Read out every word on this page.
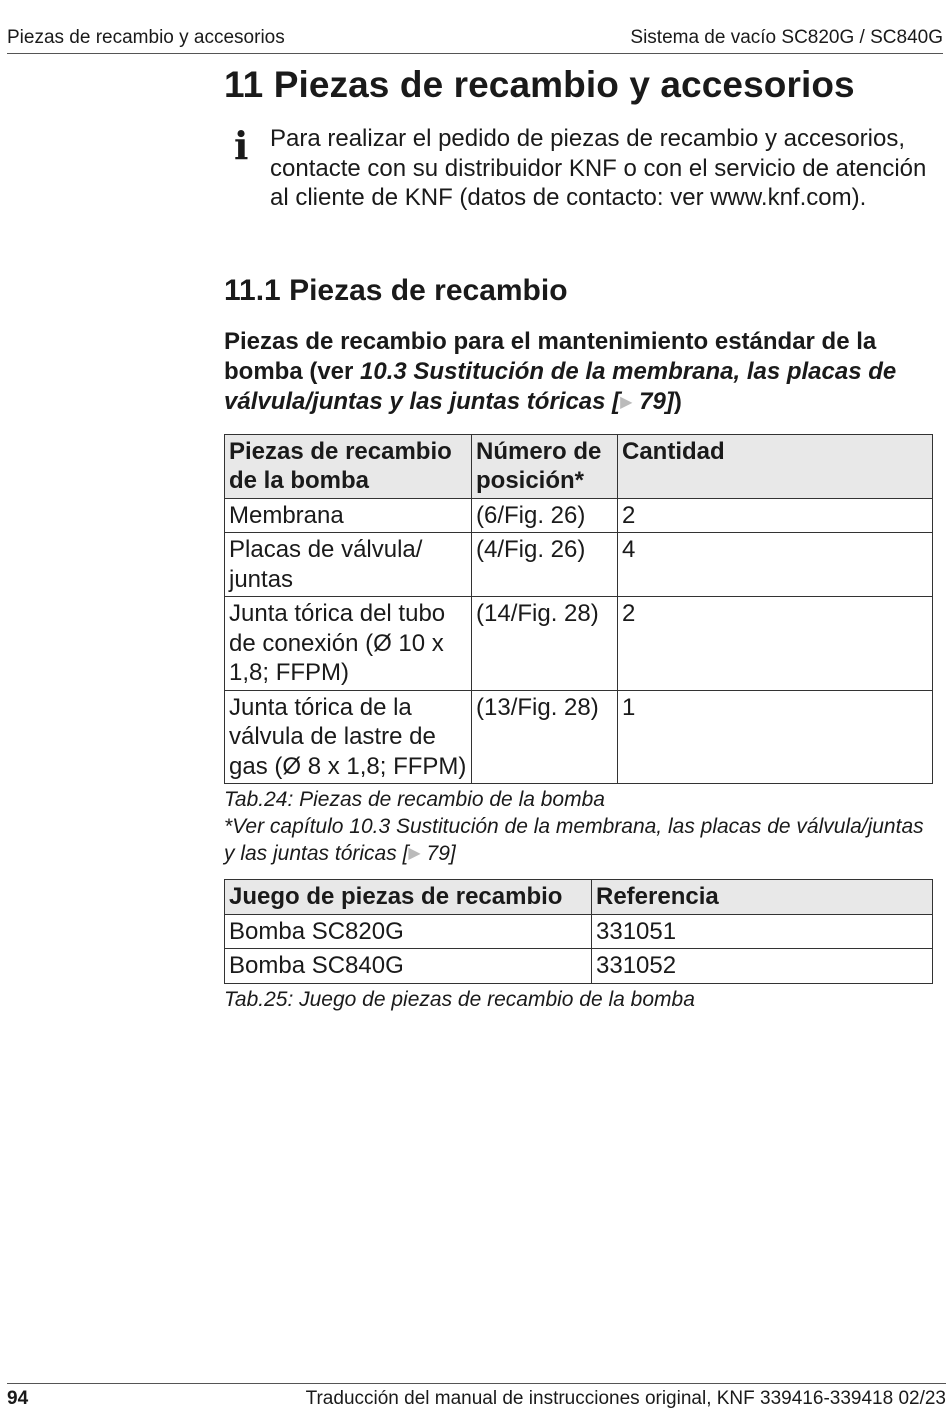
Piezas de recambio y accesorios	Sistema de vacío SC820G / SC840G
11 Piezas de recambio y accesorios
i Para realizar el pedido de piezas de recambio y accesorios, contacte con su distribuidor KNF o con el servicio de atención al cliente de KNF (datos de contacto: ver www.knf.com).
11.1 Piezas de recambio
Piezas de recambio para el mantenimiento estándar de la bomba (ver 10.3 Sustitución de la membrana, las placas de válvula/juntas y las juntas tóricas [▶ 79])
Piezas de recambio de la bomba	Número de posición*	Cantidad
Membrana	(6/Fig. 26)	2
Placas de válvula/ juntas	(4/Fig. 26)	4
Junta tórica del tubo de conexión (Ø 10 x 1,8; FFPM)	(14/Fig. 28)	2
Junta tórica de la válvula de lastre de gas (Ø 8 x 1,8; FFPM)	(13/Fig. 28)	1
Tab.24: Piezas de recambio de la bomba
*Ver capítulo 10.3 Sustitución de la membrana, las placas de válvula/juntas y las juntas tóricas [▶ 79]
Juego de piezas de recambio	Referencia
Bomba SC820G	331051
Bomba SC840G	331052
Tab.25: Juego de piezas de recambio de la bomba
94	Traducción del manual de instrucciones original, KNF 339416-339418 02/23
